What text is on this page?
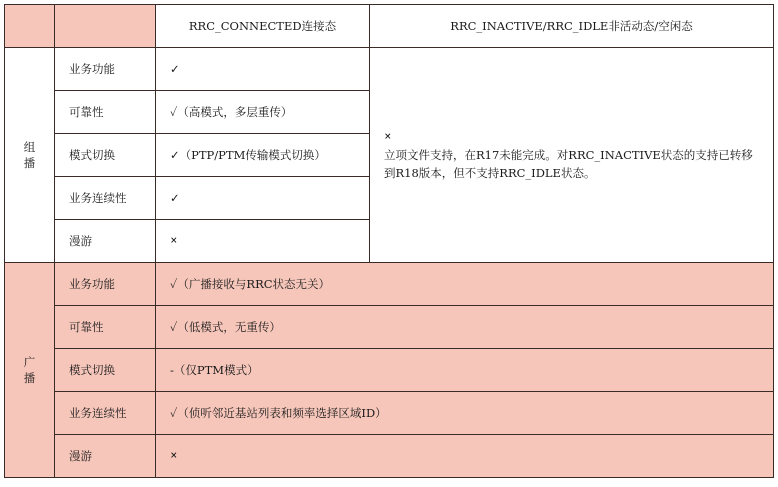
		RRC_CONNECTED连接态	RRC_INACTIVE/RRC_IDLE非活动态/空闲态
组播	业务功能	✓	×
立项文件支持，在R17未能完成。对RRC_INACTIVE状态的支持已转移到R18版本，但不支持RRC_IDLE状态。

	可靠性	✓（高模式，多层重传）	
	模式切换	✓（PTP/PTM传输模式切换）	
	业务连续性	✓	
	漫游	×	
广播	业务功能	✓（广播接收与RRC状态无关）	
	可靠性	✓（低模式，无重传）	
	模式切换	-（仅PTM模式）	
	业务连续性	✓（侦听邻近基站列表和频率选择区域ID）	
	漫游	×	
